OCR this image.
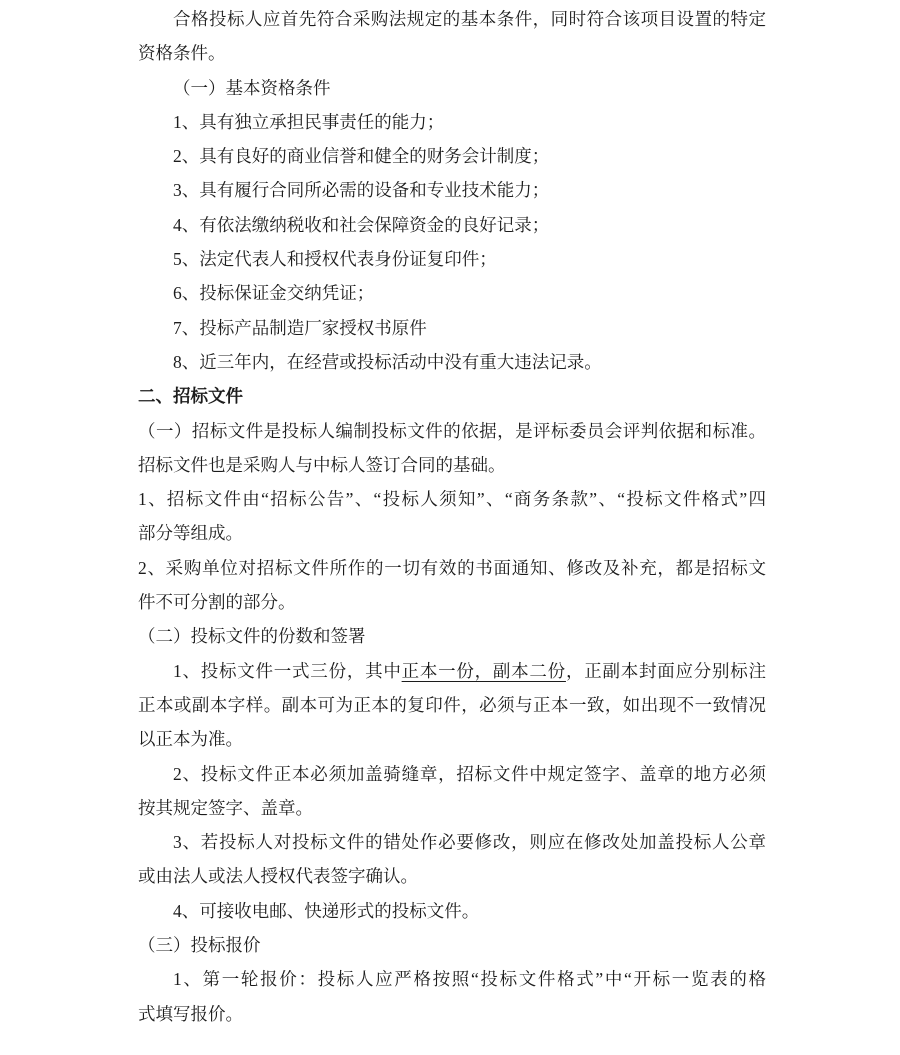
合格投标人应首先符合采购法规定的基本条件，同时符合该项目设置的特定
资格条件。
（一）基本资格条件
1、具有独立承担民事责任的能力；
2、具有良好的商业信誉和健全的财务会计制度；
3、具有履行合同所必需的设备和专业技术能力；
4、有依法缴纳税收和社会保障资金的良好记录；
5、法定代表人和授权代表身份证复印件；
6、投标保证金交纳凭证；
7、投标产品制造厂家授权书原件
8、近三年内，在经营或投标活动中没有重大违法记录。
二、招标文件
（一）招标文件是投标人编制投标文件的依据，是评标委员会评判依据和标准。
招标文件也是采购人与中标人签订合同的基础。
1、招标文件由“招标公告”、“投标人须知”、“商务条款”、“投标文件格式”四
部分等组成。
2、采购单位对招标文件所作的一切有效的书面通知、修改及补充，都是招标文
件不可分割的部分。
（二）投标文件的份数和签署
1、投标文件一式三份，其中正本一份，副本二份，正副本封面应分别标注
正本或副本字样。副本可为正本的复印件，必须与正本一致，如出现不一致情况
以正本为准。
2、投标文件正本必须加盖骑缝章，招标文件中规定签字、盖章的地方必须
按其规定签字、盖章。
3、若投标人对投标文件的错处作必要修改，则应在修改处加盖投标人公章
或由法人或法人授权代表签字确认。
4、可接收电邮、快递形式的投标文件。
（三）投标报价
1、第一轮报价：投标人应严格按照“投标文件格式”中“开标一览表的格
式填写报价。
